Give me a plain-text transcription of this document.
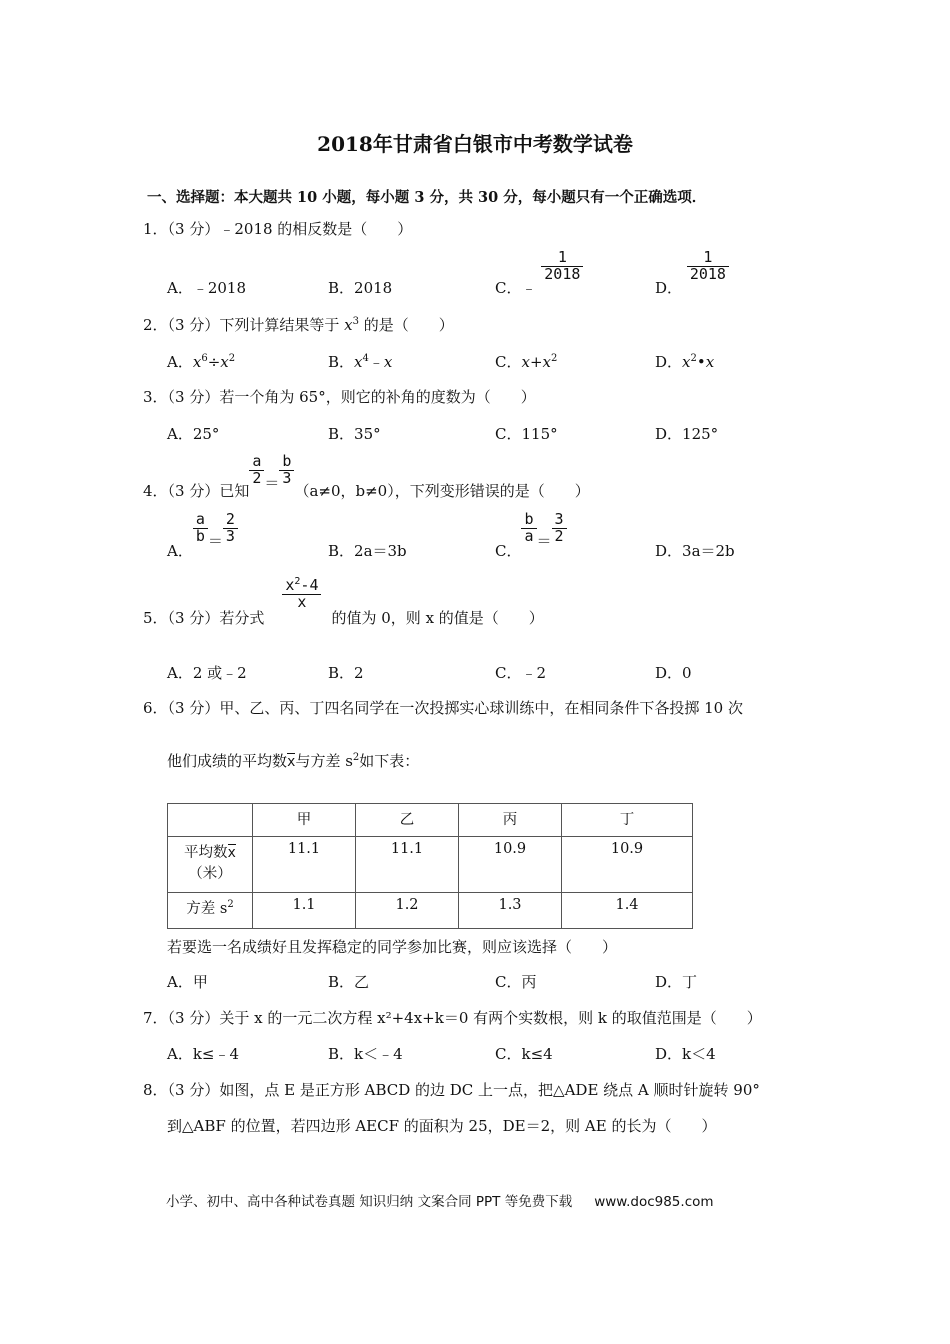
2018年甘肃省白银市中考数学试卷
一、选择题：本大题共 10 小题，每小题 3 分，共 30 分，每小题只有一个正确选项．
1．（3 分）﹣2018 的相反数是（　　）
A．﹣2018	B．2018	C．﹣
$\frac{1}{2018}$
D．
$\frac{1}{2018}$
2．（3 分）下列计算结果等于 $x^3$ 的是（　　）
A．$x^6\div x^2$	B．$x^4﹣x$	C．$x+x^2$	D．$x^2•x$
3．（3 分）若一个角为 65°，则它的补角的度数为（　　）
A．25°	B．35°	C．115°	D．125°
4．（3 分）已知
$\frac{a}{2} = \frac{b}{3}$
（a≠0，b≠0），下列变形错误的是（　　）
A．
$\frac{a}{b} = \frac{2}{3}$
B．2a＝3b	C．
$\frac{b}{a} = \frac{3}{2}$
D．3a＝2b
5．（3 分）若分式
$\frac{x^2-4}{x}$
的值为 0，则 x 的值是（　　）
A．2 或﹣2	B．2	C．﹣2	D．0
6．（3 分）甲、乙、丙、丁四名同学在一次投掷实心球训练中，在相同条件下各投掷 10 次
他们成绩的平均数x与方差 $s^2$如下表：
	甲	乙	丙	丁
平均数x
（米）	11.1	11.1	10.9	10.9
方差 $s^2$	1.1	1.2	1.3	1.4
若要选一名成绩好且发挥稳定的同学参加比赛，则应该选择（　　）
A．甲	B．乙	C．丙	D．丁
7．（3 分）关于 x 的一元二次方程 x²+4x+k＝0 有两个实数根，则 k 的取值范围是（　　）
A．k≤﹣4	B．k＜﹣4	C．k≤4	D．k＜4
8．（3 分）如图，点 E 是正方形 ABCD 的边 DC 上一点，把△ADE 绕点 A 顺时针旋转 90°
到△ABF 的位置，若四边形 AECF 的面积为 25，DE＝2，则 AE 的长为（　　）
小学、初中、高中各种试卷真题 知识归纳 文案合同 PPT 等免费下载 www.doc985.com
